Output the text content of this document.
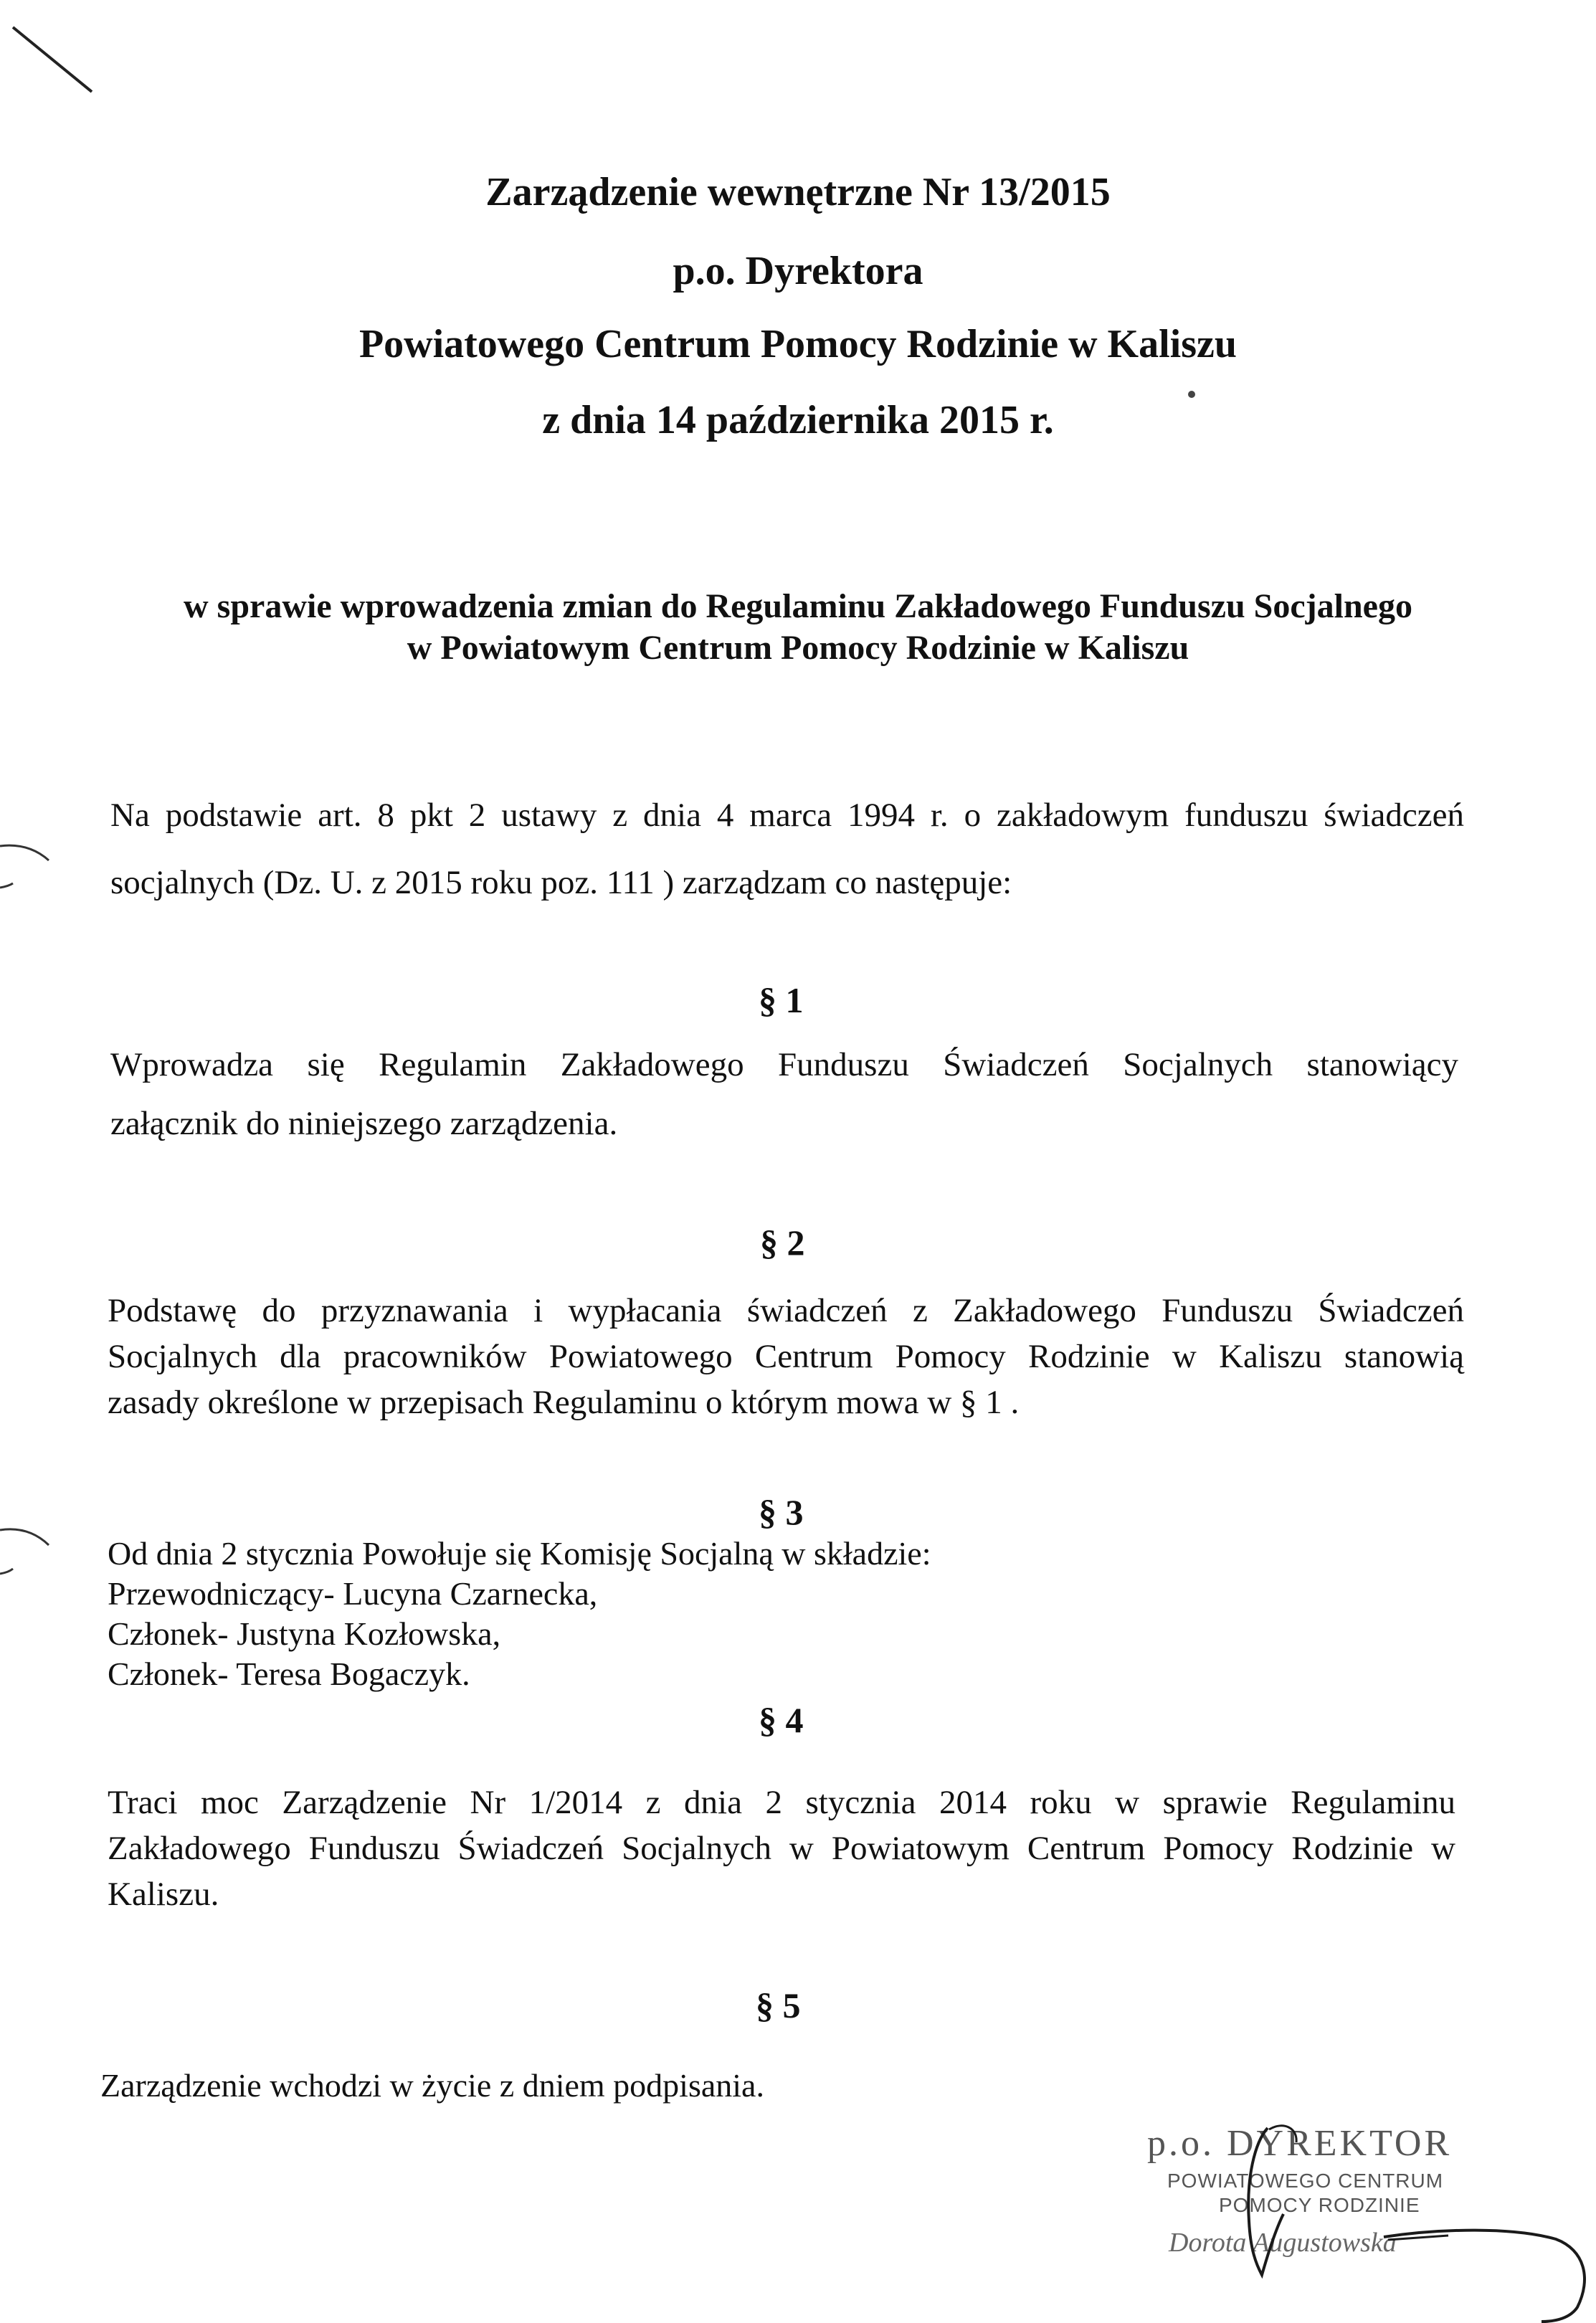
Zarządzenie wewnętrzne Nr 13/2015
p.o. Dyrektora
Powiatowego Centrum Pomocy Rodzinie w Kaliszu
z dnia 14 października 2015 r.
w sprawie wprowadzenia zmian do Regulaminu Zakładowego Funduszu Socjalnego
w Powiatowym Centrum Pomocy Rodzinie w Kaliszu
Na podstawie art. 8 pkt 2 ustawy z dnia 4 marca 1994 r. o zakładowym funduszu świadczeń
socjalnych (Dz. U. z 2015 roku poz. 111 ) zarządzam co następuje:
§ 1
Wprowadza się Regulamin Zakładowego Funduszu Świadczeń Socjalnych stanowiący
załącznik do niniejszego zarządzenia.
§ 2
Podstawę do przyznawania i wypłacania świadczeń z Zakładowego Funduszu Świadczeń
Socjalnych dla pracowników Powiatowego Centrum Pomocy Rodzinie w Kaliszu stanowią
zasady określone w przepisach Regulaminu o którym mowa w § 1 .
§ 3
Od dnia 2 stycznia Powołuje się Komisję Socjalną w składzie:
Przewodniczący- Lucyna Czarnecka,
Członek- Justyna Kozłowska,
Członek- Teresa Bogaczyk.
§ 4
Traci moc Zarządzenie Nr 1/2014 z dnia 2 stycznia 2014 roku w sprawie Regulaminu
Zakładowego Funduszu Świadczeń Socjalnych w Powiatowym Centrum Pomocy Rodzinie w
Kaliszu.
§ 5
Zarządzenie wchodzi w życie z dniem podpisania.
p.o. DYREKTOR
POWIATOWEGO CENTRUM
POMOCY RODZINIE
Dorota Augustowska
